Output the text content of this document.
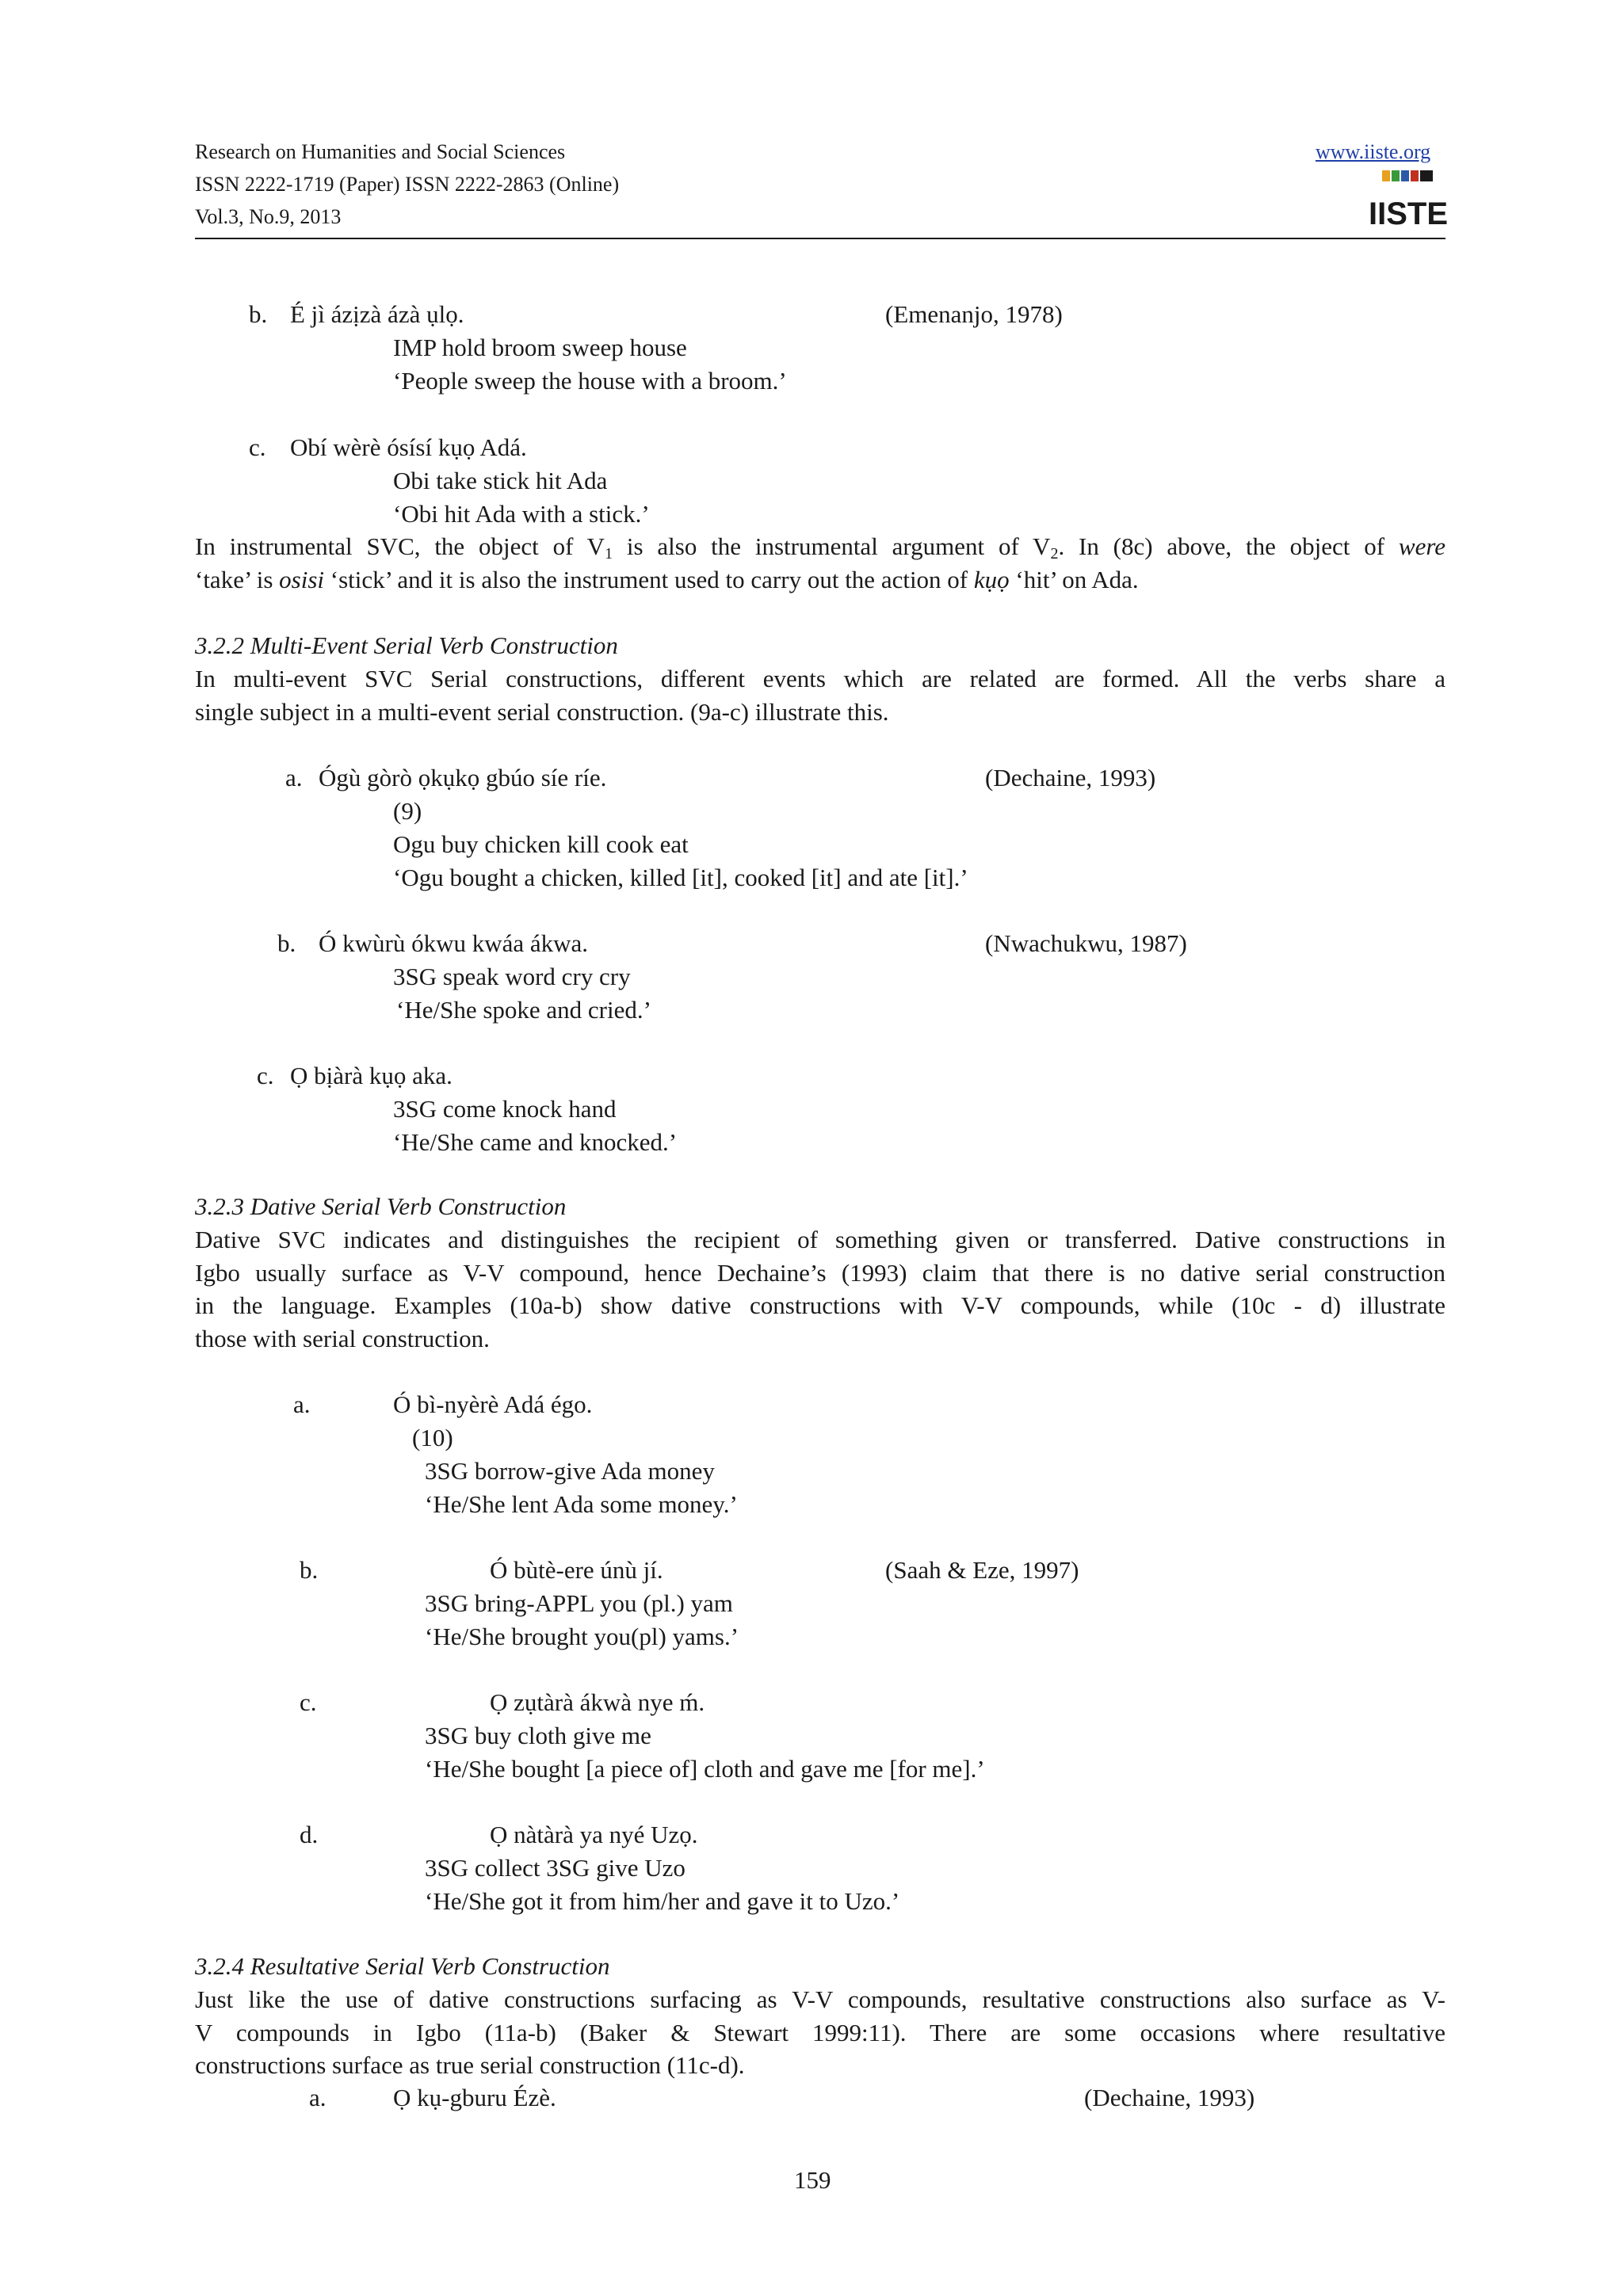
Research on Humanities and Social Sciences
ISSN 2222-1719 (Paper) ISSN 2222-2863 (Online)
Vol.3, No.9, 2013
www.iiste.org
IISTE
b. É jì ázịzà ázà ụlọ.	(Emenanjo, 1978)
IMP hold broom sweep house
‘People sweep the house with a broom.’
c. Obí wèrè ósísí kụọ Adá.
Obi take stick hit Ada
‘Obi hit Ada with a stick.’
In instrumental SVC, the object of $V_1$ is also the instrumental argument of $V_2$. In (8c) above, the object of were
‘take’ is osisi ‘stick’ and it is also the instrument used to carry out the action of kụọ ‘hit’ on Ada.
3.2.2 Multi-Event Serial Verb Construction
In multi-event SVC Serial constructions, different events which are related are formed. All the verbs share a
single subject in a multi-event serial construction. (9a-c) illustrate this.
a. Ógù gòrò ọkụkọ gbúo síe ríe.	(Dechaine, 1993)
(9)
Ogu buy chicken kill cook eat
‘Ogu bought a chicken, killed [it], cooked [it] and ate [it].’
b. Ó kwùrù ókwu kwáa ákwa.	(Nwachukwu, 1987)
3SG speak word cry cry
‘He/She spoke and cried.’
c. Ọ bịàrà kụọ aka.
3SG come knock hand
‘He/She came and knocked.’
3.2.3 Dative Serial Verb Construction
Dative SVC indicates and distinguishes the recipient of something given or transferred. Dative constructions in
Igbo usually surface as V-V compound, hence Dechaine’s (1993) claim that there is no dative serial construction
in the language. Examples (10a-b) show dative constructions with V-V compounds, while (10c - d) illustrate
those with serial construction.
a.	Ó bì-nyèrè Adá égo.
(10)
3SG borrow-give Ada money
‘He/She lent Ada some money.’
b.	Ó bùtè-ere únù jí.	(Saah & Eze, 1997)
3SG bring-APPL you (pl.) yam
‘He/She brought you(pl) yams.’
c.	Ọ zụtàrà ákwà nye ḿ.
3SG buy cloth give me
‘He/She bought [a piece of] cloth and gave me [for me].’
d.	Ọ nàtàrà ya nyé Uzọ.
3SG collect 3SG give Uzo
‘He/She got it from him/her and gave it to Uzo.’
3.2.4 Resultative Serial Verb Construction
Just like the use of dative constructions surfacing as V-V compounds, resultative constructions also surface as V-
V compounds in Igbo (11a-b) (Baker & Stewart 1999:11). There are some occasions where resultative
constructions surface as true serial construction (11c-d).
a.	Ọ kụ-gburu Ézè.	(Dechaine, 1993)
159
